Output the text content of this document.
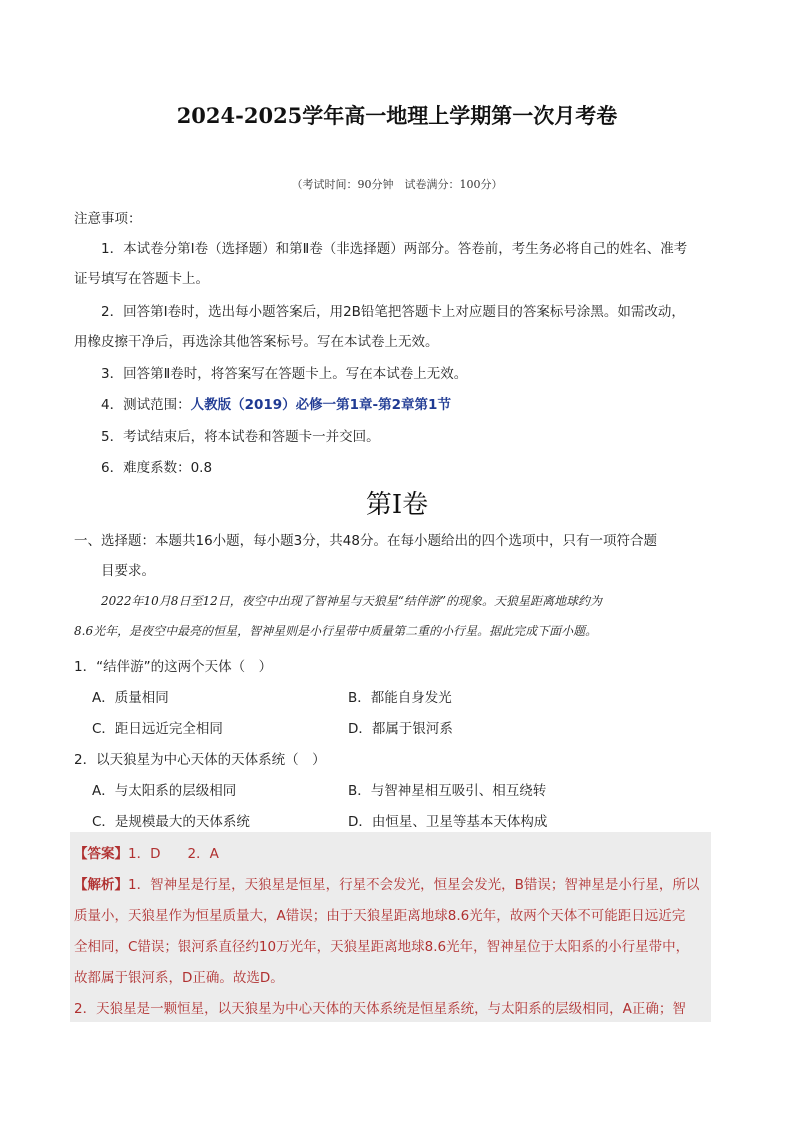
2024-2025学年高一地理上学期第一次月考卷
（考试时间：90分钟　试卷满分：100分）
注意事项：
1．本试卷分第Ⅰ卷（选择题）和第Ⅱ卷（非选择题）两部分。答卷前，考生务必将自己的姓名、准考
证号填写在答题卡上。
2．回答第Ⅰ卷时，选出每小题答案后，用2B铅笔把答题卡上对应题目的答案标号涂黑。如需改动，
用橡皮擦干净后，再选涂其他答案标号。写在本试卷上无效。
3．回答第Ⅱ卷时，将答案写在答题卡上。写在本试卷上无效。
4．测试范围：人教版（2019）必修一第1章-第2章第1节
5．考试结束后，将本试卷和答题卡一并交回。
6．难度系数：0.8
第Ⅰ卷
一、选择题：本题共16小题，每小题3分，共48分。在每小题给出的四个选项中，只有一项符合题
目要求。
2022年10月8日至12日，夜空中出现了智神星与天狼星“结伴游”的现象。天狼星距离地球约为
8.6光年，是夜空中最亮的恒星，智神星则是小行星带中质量第二重的小行星。据此完成下面小题。
1．“结伴游”的这两个天体（　）
A．质量相同	B．都能自身发光
C．距日远近完全相同	D．都属于银河系
2．以天狼星为中心天体的天体系统（　）
A．与太阳系的层级相同	B．与智神星相互吸引、相互绕转
C．是规模最大的天体系统	D．由恒星、卫星等基本天体构成
【答案】1．D　　2．A
【解析】1．智神星是行星，天狼星是恒星，行星不会发光，恒星会发光，B错误；智神星是小行星，所以
质量小，天狼星作为恒星质量大，A错误；由于天狼星距离地球8.6光年，故两个天体不可能距日远近完
全相同，C错误；银河系直径约10万光年，天狼星距离地球8.6光年，智神星位于太阳系的小行星带中，
故都属于银河系，D正确。故选D。
2．天狼星是一颗恒星，以天狼星为中心天体的天体系统是恒星系统，与太阳系的层级相同，A正确；智
